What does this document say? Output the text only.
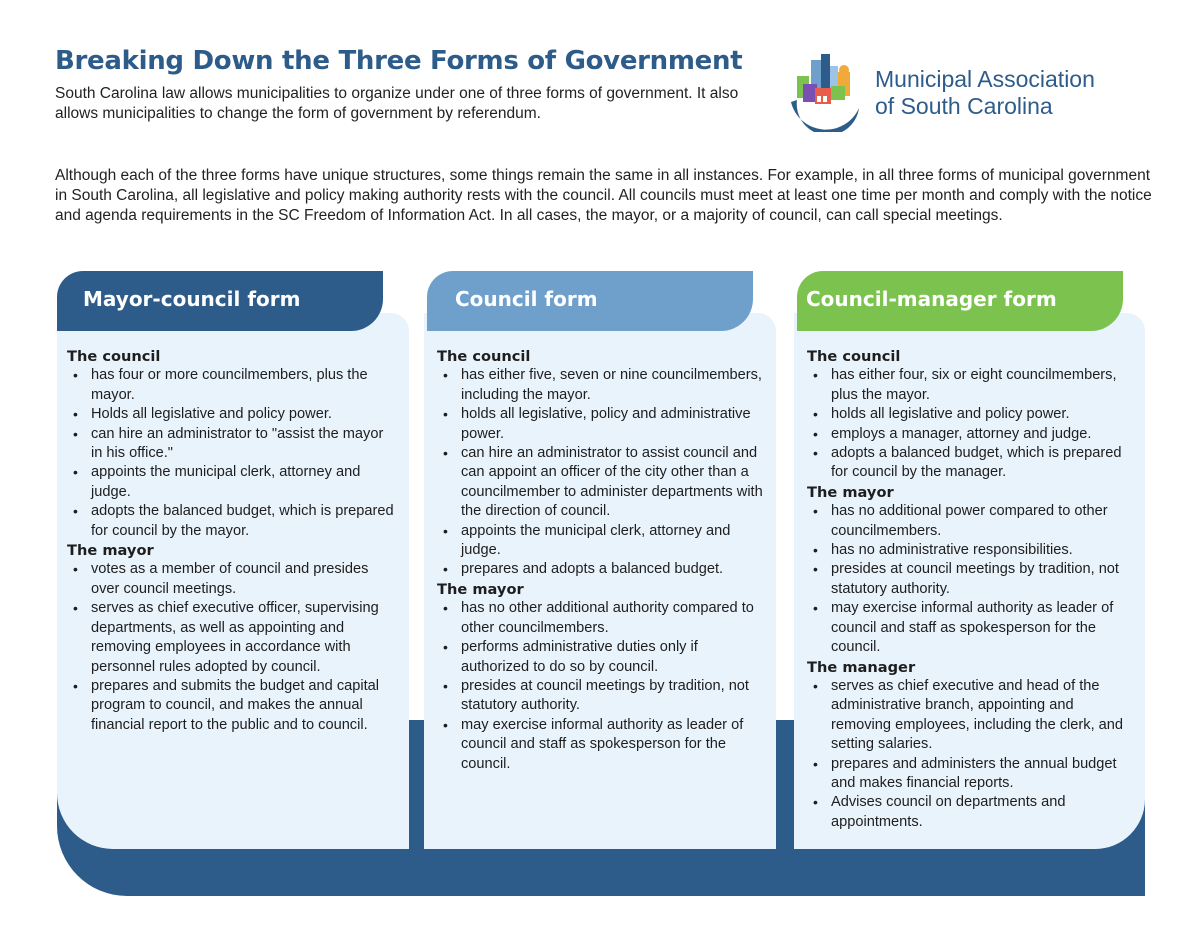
Breaking Down the Three Forms of Government

South Carolina law allows municipalities to organize under one of three forms of government. It also allows municipalities to change the form of government by referendum.

Although each of the three forms have unique structures, some things remain the same in all instances. For example, in all three forms of municipal government in South Carolina, all legislative and policy making authority rests with the council. All councils must meet at least one time per month and comply with the notice and agenda requirements in the SC Freedom of Information Act. In all cases, the mayor, or a majority of council, can call special meetings.

Municipal Association
of South Carolina
Mayor-council form
The council
• has four or more councilmembers, plus the mayor.
• Holds all legislative and policy power.
• can hire an administrator to "assist the mayor in his office."
• appoints the municipal clerk, attorney and judge.
• adopts the balanced budget, which is prepared for council by the mayor.
The mayor
• votes as a member of council and presides over council meetings.
• serves as chief executive officer, supervising departments, as well as appointing and removing employees in accordance with personnel rules adopted by council.
• prepares and submits the budget and capital program to council, and makes the annual financial report to the public and to council.
Council form
The council
• has either five, seven or nine councilmembers, including the mayor.
• holds all legislative, policy and administrative power.
• can hire an administrator to assist council and can appoint an officer of the city other than a councilmember to administer departments with the direction of council.
• appoints the municipal clerk, attorney and judge.
• prepares and adopts a balanced budget.
The mayor
• has no other additional authority compared to other councilmembers.
• performs administrative duties only if authorized to do so by council.
• presides at council meetings by tradition, not statutory authority.
• may exercise informal authority as leader of council and staff as spokesperson for the council.
Council-manager form
The council
• has either four, six or eight councilmembers, plus the mayor.
• holds all legislative and policy power.
• employs a manager, attorney and judge.
• adopts a balanced budget, which is prepared for council by the manager.
The mayor
• has no additional power compared to other councilmembers.
• has no administrative responsibilities.
• presides at council meetings by tradition, not statutory authority.
• may exercise informal authority as leader of council and staff as spokesperson for the council.
The manager
• serves as chief executive and head of the administrative branch, appointing and removing employees, including the clerk, and setting salaries.
• prepares and administers the annual budget and makes financial reports.
• Advises council on departments and appointments.
